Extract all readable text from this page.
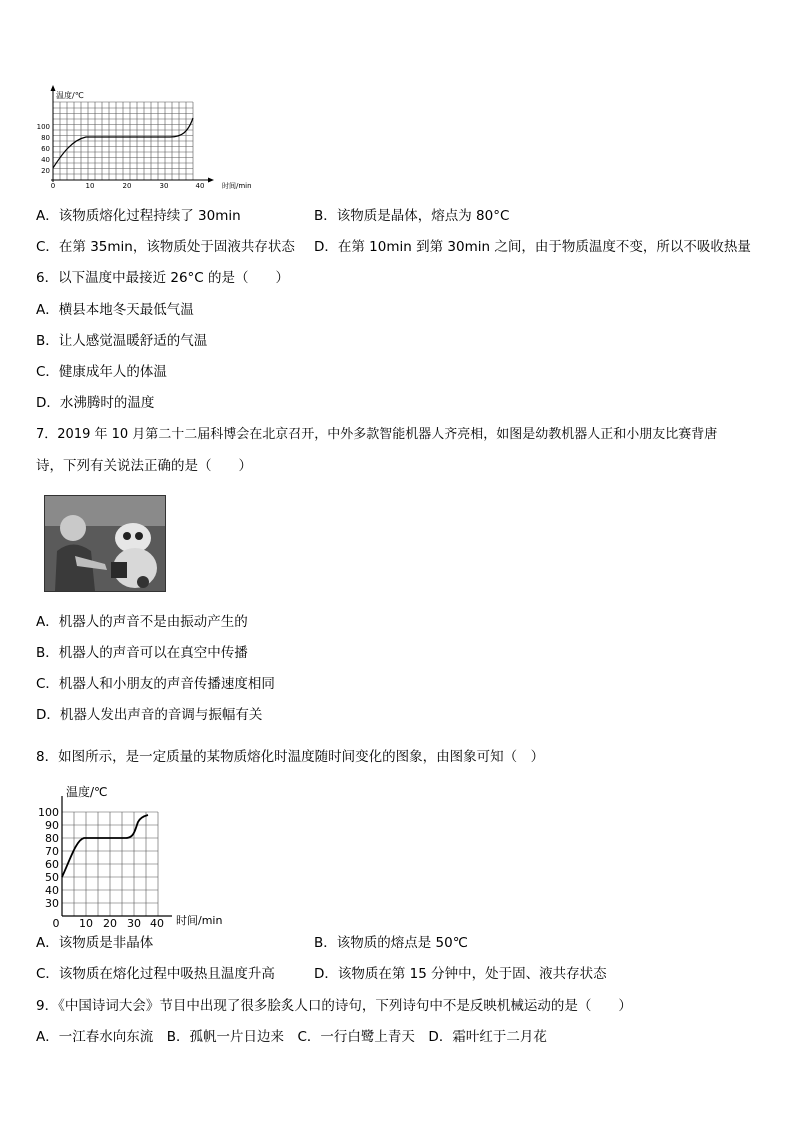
温度/℃
时间/min
100
80
60
40
20
0	10	20	30	40
A．该物质熔化过程持续了 30min	B．该物质是晶体，熔点为 80°C
C．在第 35min，该物质处于固液共存状态 D．在第 10min 到第 30min 之间，由于物质温度不变，所以不吸收热量
6．以下温度中最接近 26°C 的是（　　）
A．横县本地冬天最低气温
B．让人感觉温暖舒适的气温
C．健康成年人的体温
D．水沸腾时的温度
7．2019 年 10 月第二十二届科博会在北京召开，中外多款智能机器人齐亮相，如图是幼教机器人正和小朋友比赛背唐
诗，下列有关说法正确的是（　　）
A．机器人的声音不是由振动产生的
B．机器人的声音可以在真空中传播
C．机器人和小朋友的声音传播速度相同
D．机器人发出声音的音调与振幅有关
8．如图所示，是一定质量的某物质熔化时温度随时间变化的图象，由图象可知（　）
温度/℃
时间/min
100
90
80
70
60
50
40
30
0 10 20 30 40
A．该物质是非晶体	B．该物质的熔点是 50℃
C．该物质在熔化过程中吸热且温度升高	D．该物质在第 15 分钟中，处于固、液共存状态
9．《中国诗词大会》节目中出现了很多脍炙人口的诗句，下列诗句中不是反映机械运动的是（　　）
A．一江春水向东流　B．孤帆一片日边来　C．一行白鹭上青天　D．霜叶红于二月花
